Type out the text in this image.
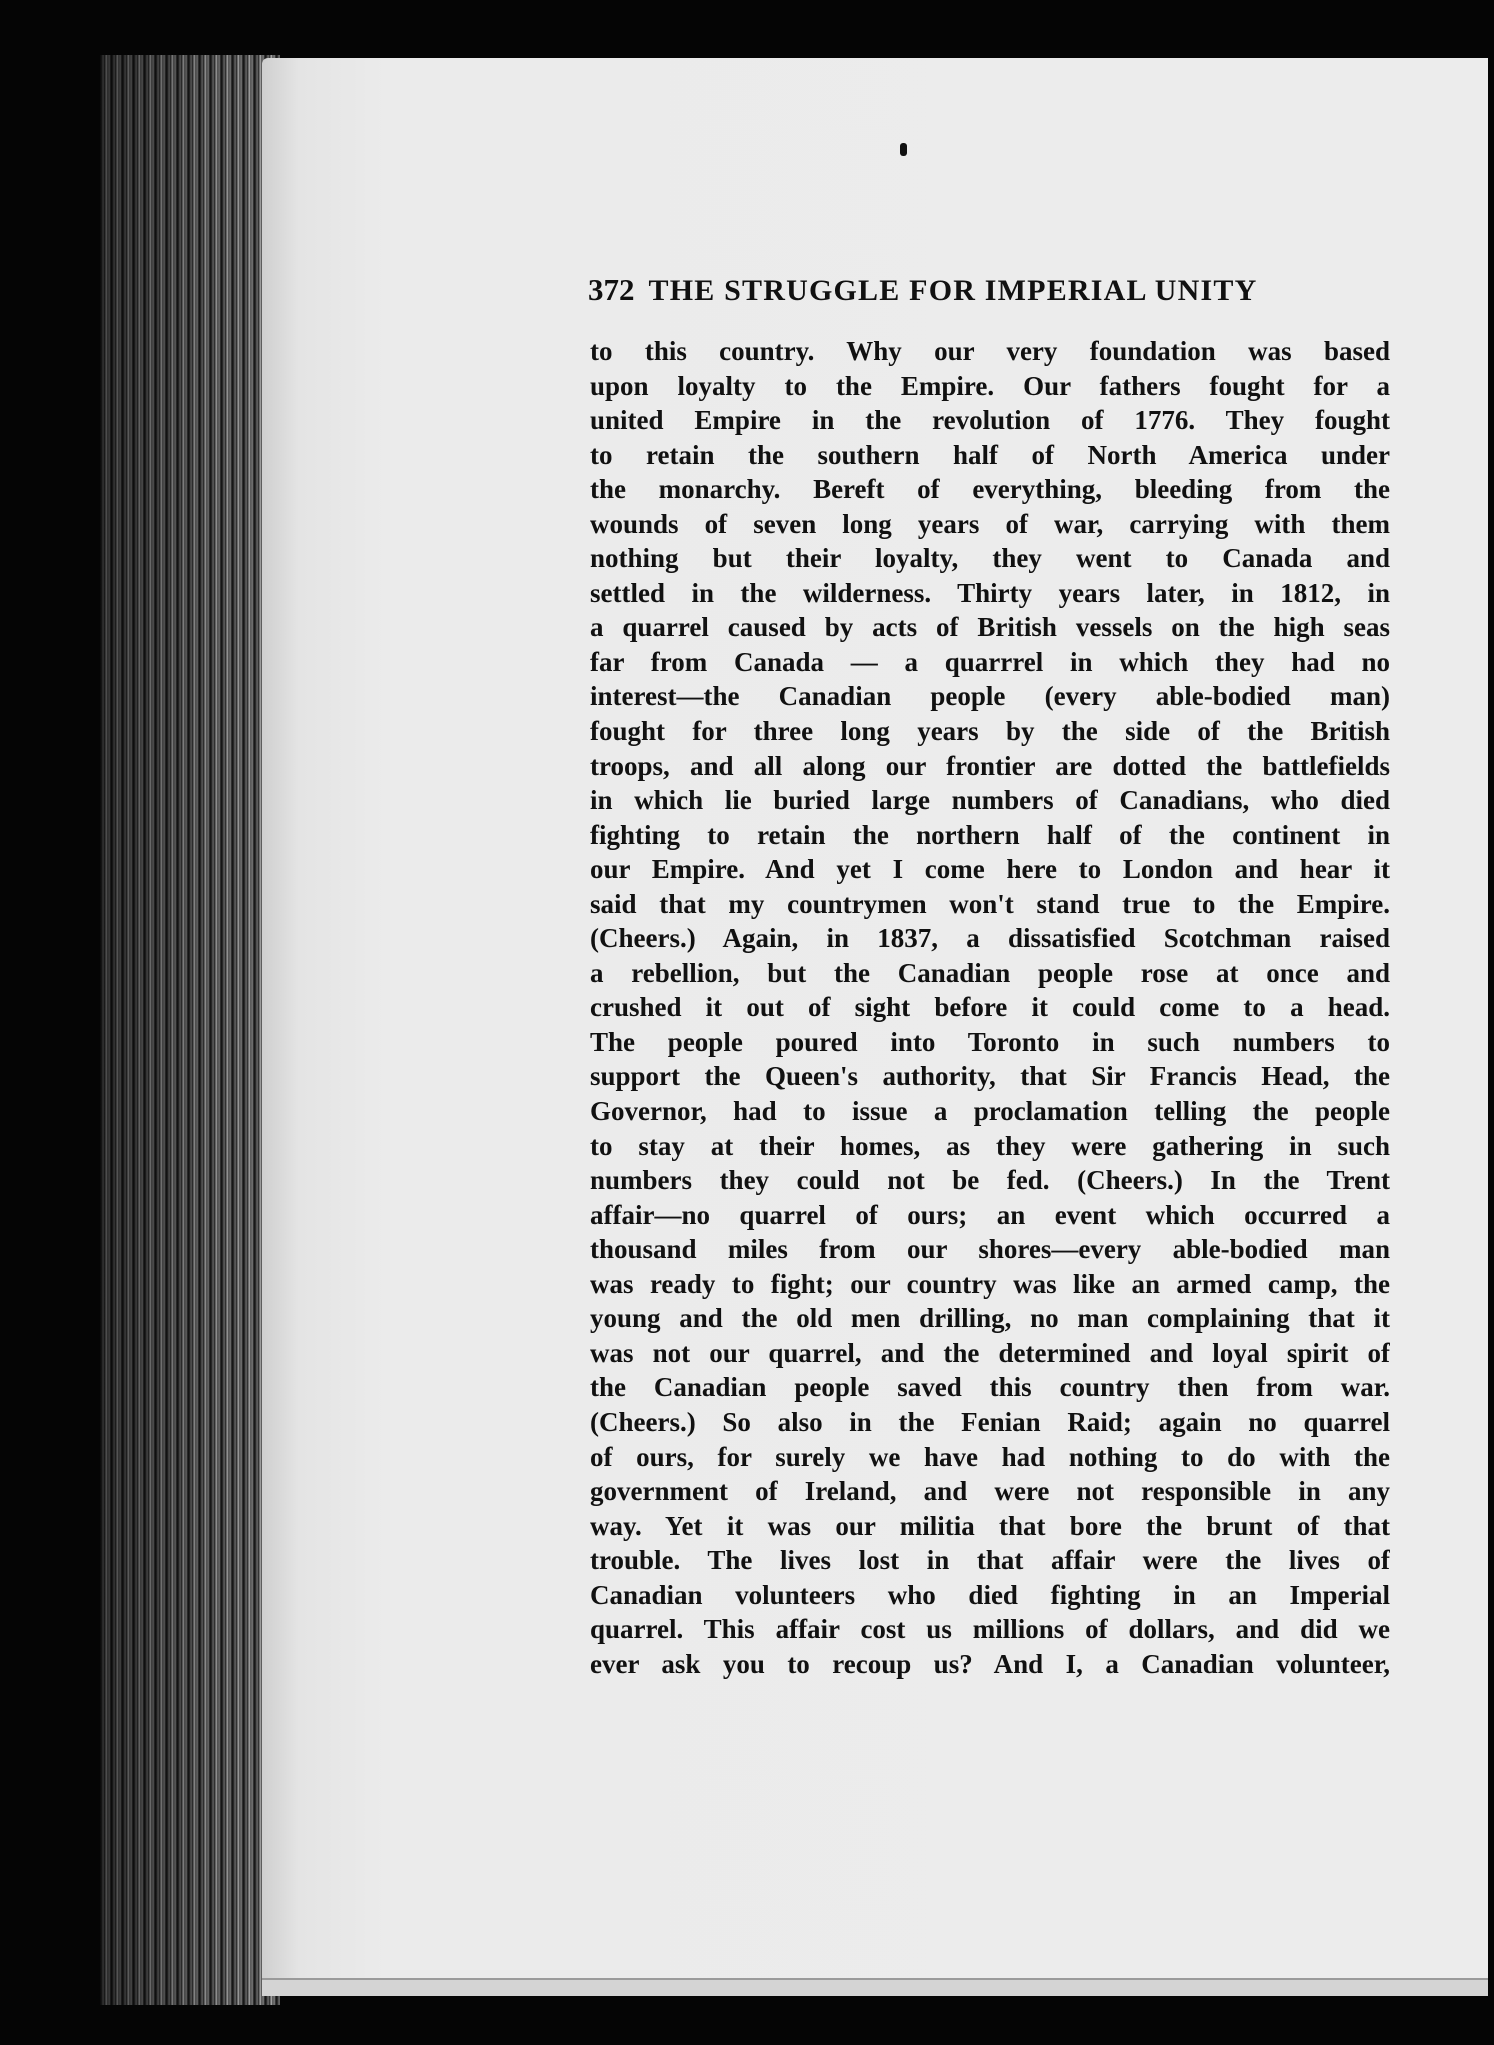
372 THE STRUGGLE FOR IMPERIAL UNITY
to this country. Why our very foundation was based
upon loyalty to the Empire. Our fathers fought for a
united Empire in the revolution of 1776. They fought
to retain the southern half of North America under
the monarchy. Bereft of everything, bleeding from the
wounds of seven long years of war, carrying with them
nothing but their loyalty, they went to Canada and
settled in the wilderness. Thirty years later, in 1812, in
a quarrel caused by acts of British vessels on the high seas
far from Canada — a quarrrel in which they had no
interest—the Canadian people (every able-bodied man)
fought for three long years by the side of the British
troops, and all along our frontier are dotted the battlefields
in which lie buried large numbers of Canadians, who died
fighting to retain the northern half of the continent in
our Empire. And yet I come here to London and hear it
said that my countrymen won't stand true to the Empire.
(Cheers.) Again, in 1837, a dissatisfied Scotchman raised
a rebellion, but the Canadian people rose at once and
crushed it out of sight before it could come to a head.
The people poured into Toronto in such numbers to
support the Queen's authority, that Sir Francis Head, the
Governor, had to issue a proclamation telling the people
to stay at their homes, as they were gathering in such
numbers they could not be fed. (Cheers.) In the Trent
affair—no quarrel of ours; an event which occurred a
thousand miles from our shores—every able-bodied man
was ready to fight; our country was like an armed camp, the
young and the old men drilling, no man complaining that it
was not our quarrel, and the determined and loyal spirit of
the Canadian people saved this country then from war.
(Cheers.) So also in the Fenian Raid; again no quarrel
of ours, for surely we have had nothing to do with the
government of Ireland, and were not responsible in any
way. Yet it was our militia that bore the brunt of that
trouble. The lives lost in that affair were the lives of
Canadian volunteers who died fighting in an Imperial
quarrel. This affair cost us millions of dollars, and did we
ever ask you to recoup us? And I, a Canadian volunteer,
